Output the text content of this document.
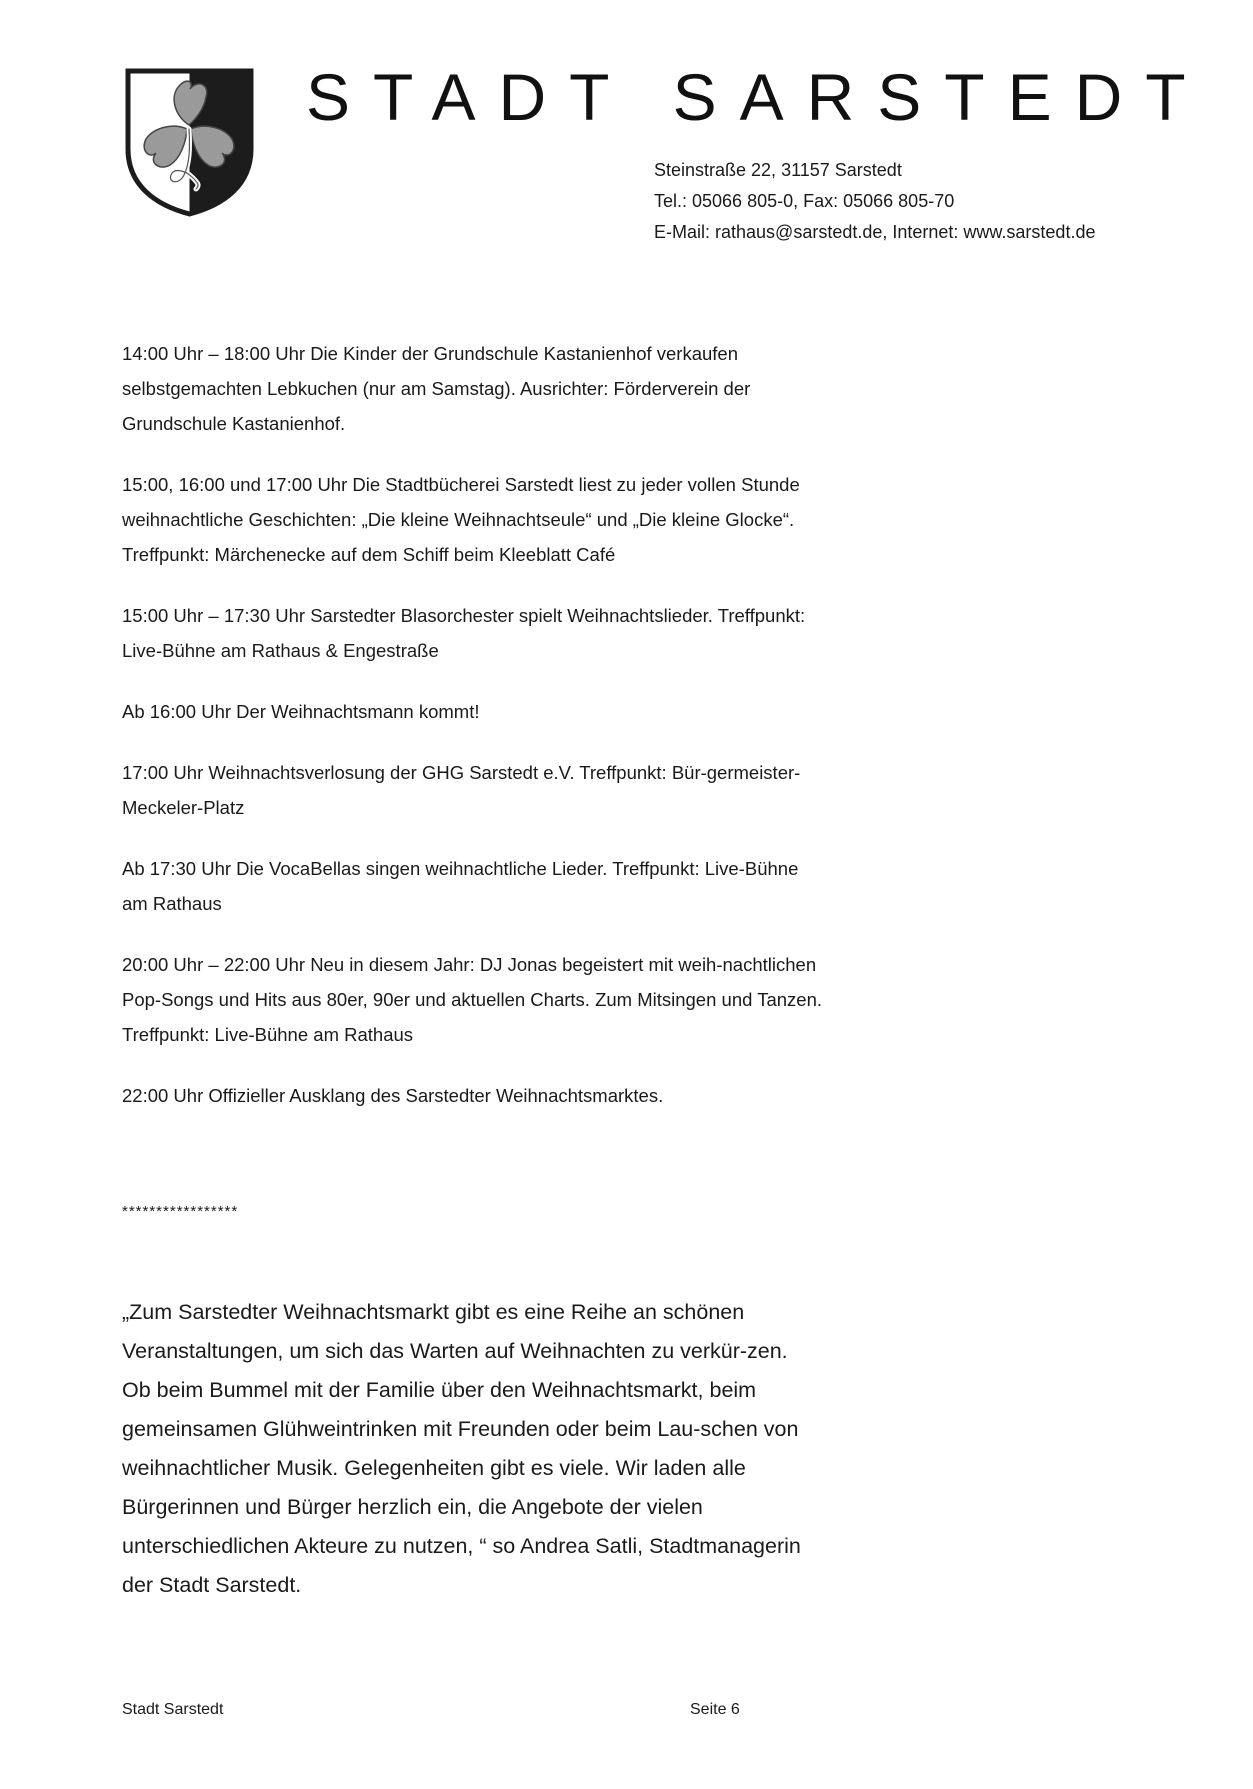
STADT SARSTEDT
Steinstraße 22, 31157 Sarstedt
Tel.: 05066 805-0, Fax: 05066 805-70
E-Mail: rathaus@sarstedt.de, Internet: www.sarstedt.de

14:00 Uhr – 18:00 Uhr Die Kinder der Grundschule Kastanienhof verkaufen selbstgemachten Lebkuchen (nur am Samstag). Ausrichter: Förderverein der Grundschule Kastanienhof.

15:00, 16:00 und 17:00 Uhr Die Stadtbücherei Sarstedt liest zu jeder vollen Stunde weihnachtliche Geschichten: „Die kleine Weihnachtseule“ und „Die kleine Glocke“. Treffpunkt: Märchenecke auf dem Schiff beim Kleeblatt Café

15:00 Uhr – 17:30 Uhr Sarstedter Blasorchester spielt Weihnachtslieder. Treffpunkt: Live-Bühne am Rathaus & Engestraße

Ab 16:00 Uhr Der Weihnachtsmann kommt!

17:00 Uhr Weihnachtsverlosung der GHG Sarstedt e.V. Treffpunkt: Bür-germeister-Meckeler-Platz

Ab 17:30 Uhr Die VocaBellas singen weihnachtliche Lieder. Treffpunkt: Live-Bühne am Rathaus

20:00 Uhr – 22:00 Uhr Neu in diesem Jahr: DJ Jonas begeistert mit weih-nachtlichen Pop-Songs und Hits aus 80er, 90er und aktuellen Charts. Zum Mitsingen und Tanzen. Treffpunkt: Live-Bühne am Rathaus

22:00 Uhr Offizieller Ausklang des Sarstedter Weihnachtsmarktes.

*****************

„Zum Sarstedter Weihnachtsmarkt gibt es eine Reihe an schönen Veranstaltungen, um sich das Warten auf Weihnachten zu verkür-zen. Ob beim Bummel mit der Familie über den Weihnachtsmarkt, beim gemeinsamen Glühweintrinken mit Freunden oder beim Lau-schen von weihnachtlicher Musik. Gelegenheiten gibt es viele. Wir laden alle Bürgerinnen und Bürger herzlich ein, die Angebote der vielen unterschiedlichen Akteure zu nutzen, “ so Andrea Satli, Stadtmanagerin der Stadt Sarstedt.

Stadt Sarstedt	Seite 6
